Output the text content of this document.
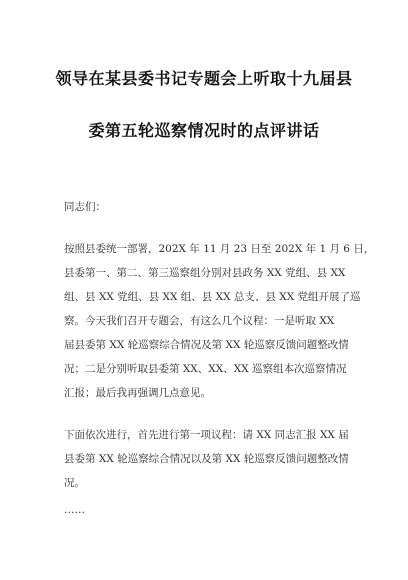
领导在某县委书记专题会上听取十九届县
委第五轮巡察情况时的点评讲话
同志们：
按照县委统一部署，202X 年 11 月 23 日至 202X 年 1 月 6 日，
县委第一、第二、第三巡察组分别对县政务 XX 党组、县 XX
组、县 XX 党组、县 XX 组、县 XX 总支、县 XX 党组开展了巡
察。今天我们召开专题会，有这么几个议程：一是听取 XX
届县委第 XX 轮巡察综合情况及第 XX 轮巡察反馈问题整改情
况；二是分别听取县委第 XX、XX、XX 巡察组本次巡察情况
汇报；最后我再强调几点意见。
下面依次进行，首先进行第一项议程：请 XX 同志汇报 XX 届
县委第 XX 轮巡察综合情况以及第 XX 轮巡察反馈问题整改情
况。
……
